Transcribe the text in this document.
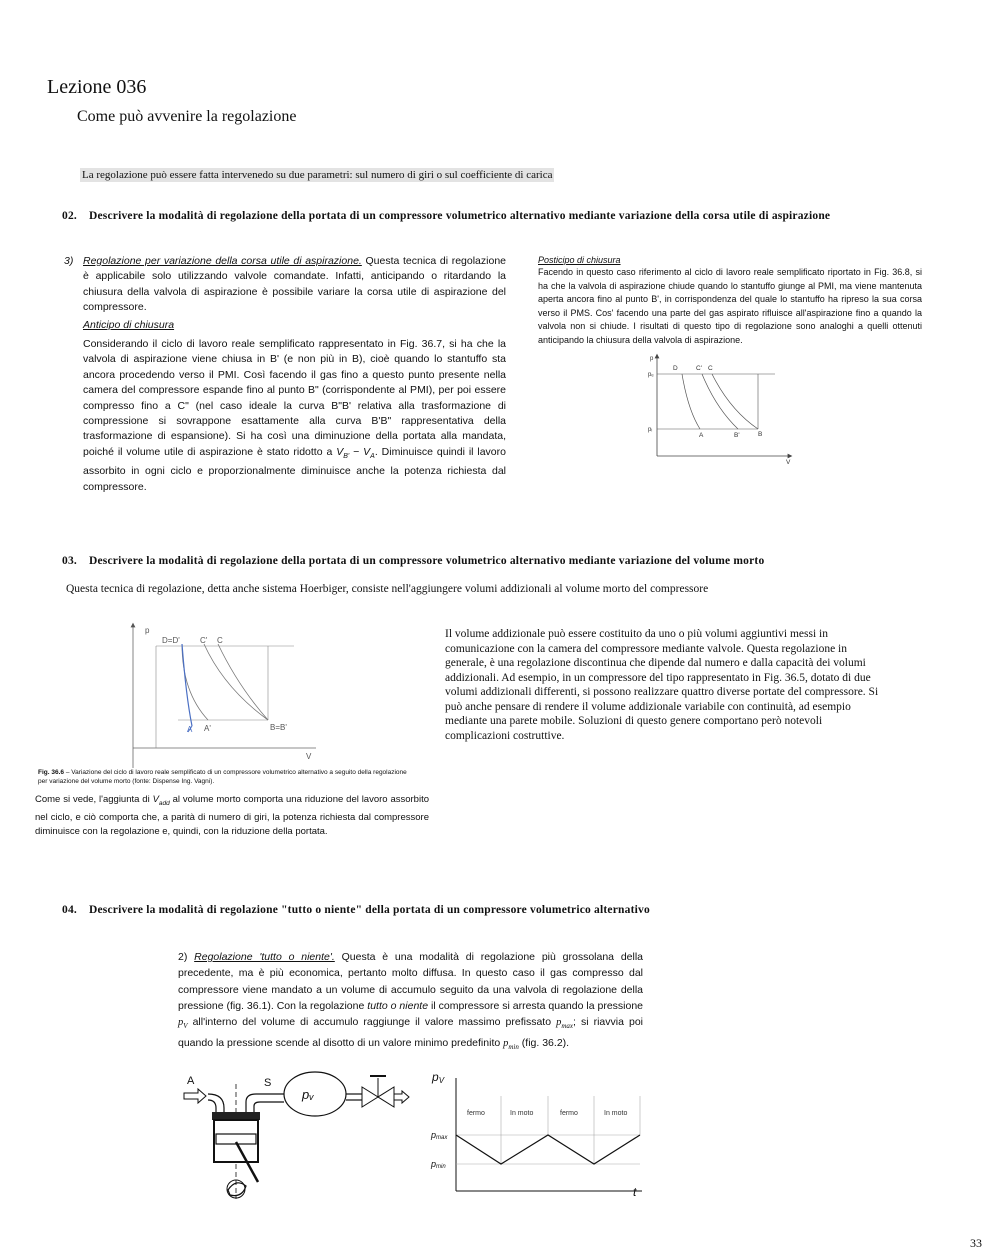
Lezione 036
Come può avvenire la regolazione
La regolazione può essere fatta intervenedo su due parametri: sul numero di giri o sul coefficiente di carica
02. Descrivere la modalità di regolazione della portata di un compressore volumetrico alternativo mediante variazione della corsa utile di aspirazione
3) Regolazione per variazione della corsa utile di aspirazione. Questa tecnica di regolazione è applicabile solo utilizzando valvole comandate. Infatti, anticipando o ritardando la chiusura della valvola di aspirazione è possibile variare la corsa utile di aspirazione del compressore.
Anticipo di chiusura
Considerando il ciclo di lavoro reale semplificato rappresentato in Fig. 36.7, si ha che la valvola di aspirazione viene chiusa in B' (e non più in B), cioè quando lo stantuffo sta ancora procedendo verso il PMI. Così facendo il gas fino a questo punto presente nella camera del compressore espande fino al punto B" (corrispondente al PMI), per poi essere compresso fino a C" (nel caso ideale la curva B"B' relativa alla trasformazione di compressione si sovrappone esattamente alla curva B'B" rappresentativa della trasformazione di espansione). Si ha così una diminuzione della portata alla mandata, poiché il volume utile di aspirazione è stato ridotto a $V_{B'} - V_A$. Diminuisce quindi il lavoro assorbito in ogni ciclo e proporzionalmente diminuisce anche la potenza richiesta dal compressore.
Posticipo di chiusura
Facendo in questo caso riferimento al ciclo di lavoro reale semplificato riportato in Fig. 36.8, si ha che la valvola di aspirazione chiude quando lo stantuffo giunge al PMI, ma viene mantenuta aperta ancora fino al punto B', in corrispondenza del quale lo stantuffo ha ripreso la sua corsa verso il PMS. Cos' facendo una parte del gas aspirato rifluisce all'aspirazione fino a quando la valvola non si chiude. I risultati di questo tipo di regolazione sono analoghi a quelli ottenuti anticipando la chiusura della valvola di aspirazione.
p
pₑ
pᵢ
D	C' C
A	B'	B
V
03. Descrivere la modalità di regolazione della portata di un compressore volumetrico alternativo mediante variazione del volume morto
Questa tecnica di regolazione, detta anche sistema Hoerbiger, consiste nell'aggiungere volumi addizionali al volume morto del compressore
p
D=D'	C' C
A A'	B=B'
V
Fig. 36.6 – Variazione del ciclo di lavoro reale semplificato di un compressore volumetrico alternativo a seguito della regolazione per variazione del volume morto (fonte: Dispense Ing. Vagni).
Come si vede, l'aggiunta di $V_{add}$ al volume morto comporta una riduzione del lavoro assorbito nel ciclo, e ciò comporta che, a parità di numero di giri, la potenza richiesta dal compressore diminuisce con la regolazione e, quindi, con la riduzione della portata.
Il volume addizionale può essere costituito da uno o più volumi aggiuntivi messi in comunicazione con la camera del compressore mediante valvole. Questa regolazione in generale, è una regolazione discontinua che dipende dal numero e dalla capacità dei volumi addizionali. Ad esempio, in un compressore del tipo rappresentato in Fig. 36.5, dotato di due volumi addizionali differenti, si possono realizzare quattro diverse portate del compressore. Si può anche pensare di rendere il volume addizionale variabile con continuità, ad esempio mediante una parete mobile. Soluzioni di questo genere comportano però notevoli complicazioni costruttive.
04. Descrivere la modalità di regolazione "tutto o niente" della portata di un compressore volumetrico alternativo
2) Regolazione 'tutto o niente'. Questa è una modalità di regolazione più grossolana della precedente, ma è più economica, pertanto molto diffusa. In questo caso il gas compresso dal compressore viene mandato a un volume di accumulo seguito da una valvola di regolazione della pressione (fig. 36.1). Con la regolazione tutto o niente il compressore si arresta quando la pressione $p_V$ all'interno del volume di accumulo raggiunge il valore massimo prefissato $p_{max}$; si riavvia poi quando la pressione scende al disotto di un valore minimo predefinito $p_{min}$ (fig. 36.2).
A	S
pᵥ
pV
t
pmax
pmin
fermo	In moto	fermo	In moto
33
